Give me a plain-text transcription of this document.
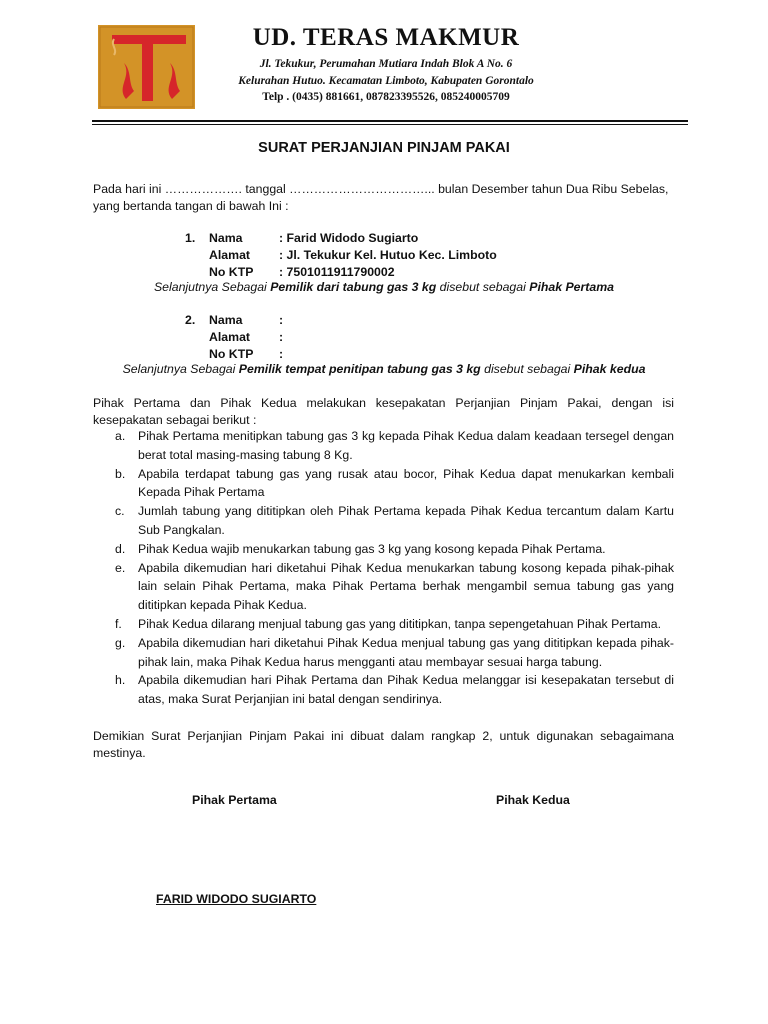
UD. TERAS MAKMUR
Jl. Tekukur, Perumahan Mutiara Indah Blok A No. 6
Kelurahan Hutuo. Kecamatan Limboto, Kabupaten Gorontalo
Telp . (0435) 881661, 087823395526, 085240005709
SURAT PERJANJIAN PINJAM PAKAI
Pada hari ini ………………. tanggal ……………………………... bulan Desember tahun Dua Ribu Sebelas,
yang bertanda tangan di bawah Ini :
1. Nama	: Farid Widodo Sugiarto
Alamat : Jl. Tekukur Kel. Hutuo Kec. Limboto
No KTP : 7501011911790002
Selanjutnya Sebagai Pemilik dari tabung gas 3 kg disebut sebagai Pihak Pertama
2. Nama	:
Alamat :
No KTP :
Selanjutnya Sebagai Pemilik tempat penitipan tabung gas 3 kg disebut sebagai Pihak kedua
Pihak Pertama dan Pihak Kedua melakukan kesepakatan Perjanjian Pinjam Pakai, dengan isi kesepakatan sebagai berikut :
a. Pihak Pertama menitipkan tabung gas 3 kg kepada Pihak Kedua dalam keadaan tersegel dengan berat total masing-masing tabung 8 Kg.
b. Apabila terdapat tabung gas yang rusak atau bocor, Pihak Kedua dapat menukarkan kembali Kepada Pihak Pertama
c. Jumlah tabung yang dititipkan oleh Pihak Pertama kepada Pihak Kedua tercantum dalam Kartu Sub Pangkalan.
d. Pihak Kedua wajib menukarkan tabung gas 3 kg yang kosong kepada Pihak Pertama.
e. Apabila dikemudian hari diketahui Pihak Kedua menukarkan tabung kosong kepada pihak-pihak lain selain Pihak Pertama, maka Pihak Pertama berhak mengambil semua tabung gas yang dititipkan kepada Pihak Kedua.
f. Pihak Kedua dilarang menjual tabung gas yang dititipkan, tanpa sepengetahuan Pihak Pertama.
g. Apabila dikemudian hari diketahui Pihak Kedua menjual tabung gas yang dititipkan kepada pihak-pihak lain, maka Pihak Kedua harus mengganti atau membayar sesuai harga tabung.
h. Apabila dikemudian hari Pihak Pertama dan Pihak Kedua melanggar isi kesepakatan tersebut di atas, maka Surat Perjanjian ini batal dengan sendirinya.
Demikian Surat Perjanjian Pinjam Pakai ini dibuat dalam rangkap 2, untuk digunakan sebagaimana mestinya.
Pihak Pertama	Pihak Kedua
FARID WIDODO SUGIARTO
